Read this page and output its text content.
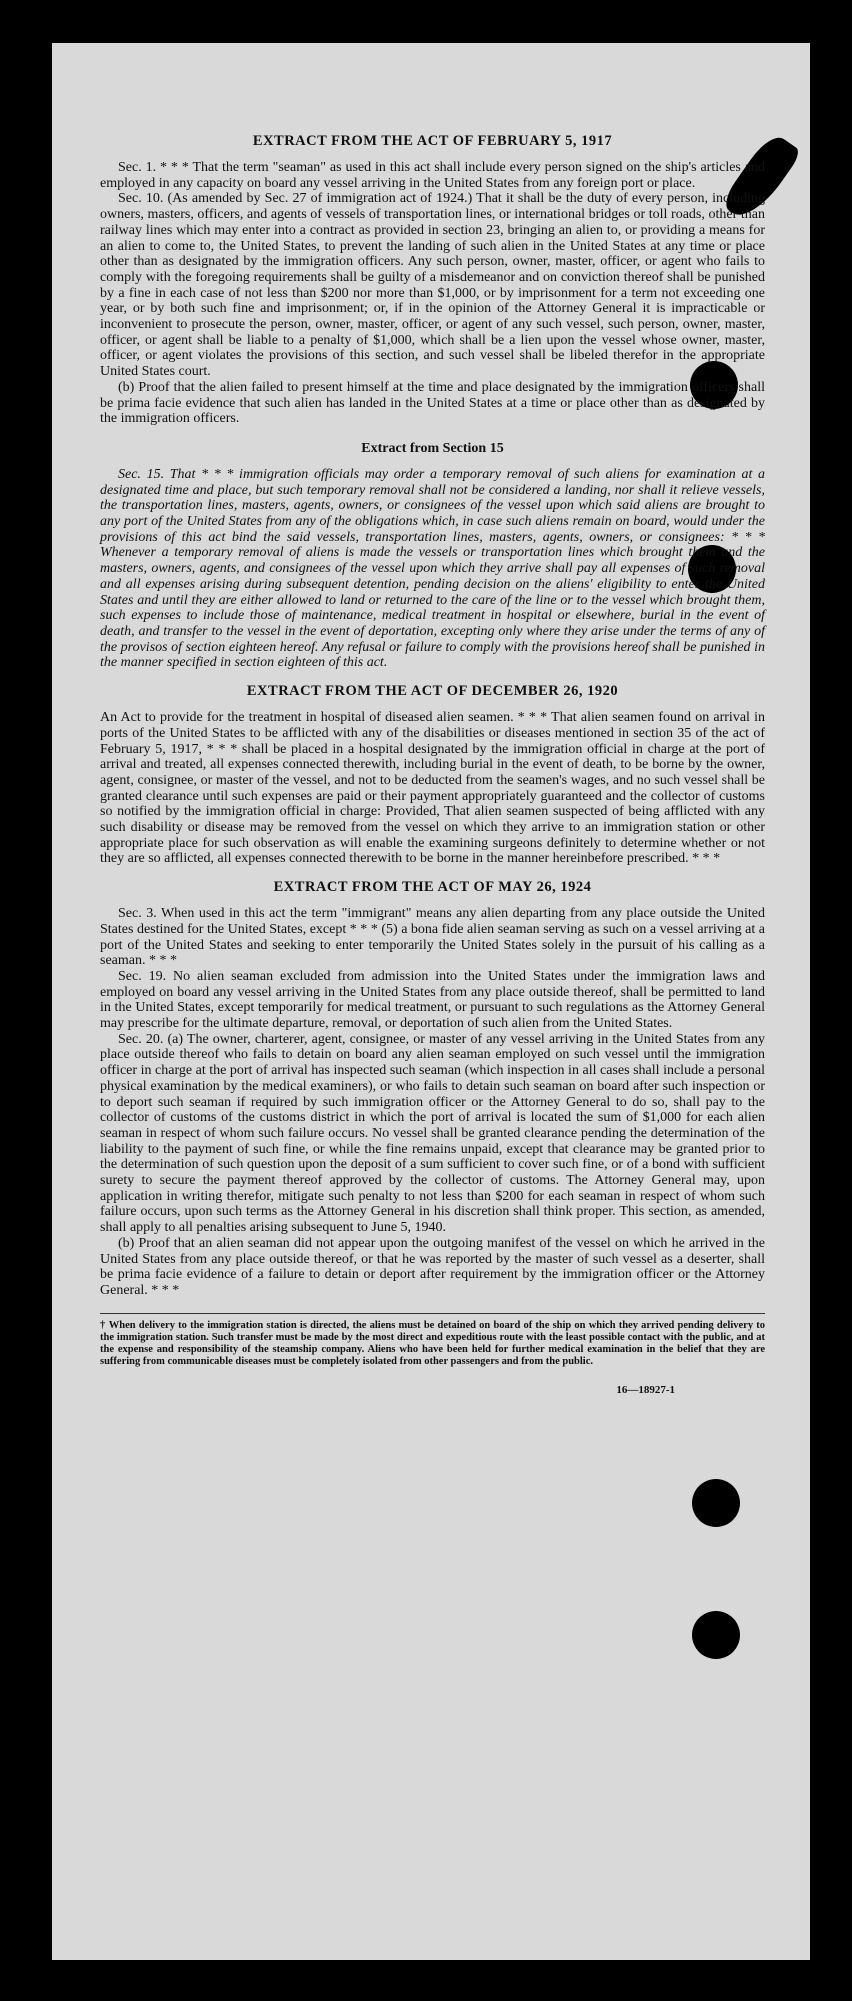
EXTRACT FROM THE ACT OF FEBRUARY 5, 1917

Sec. 1. * * * That the term "seaman" as used in this act shall include every person signed on the ship's articles and employed in any capacity on board any vessel arriving in the United States from any foreign port or place.

Sec. 10. (As amended by Sec. 27 of immigration act of 1924.) That it shall be the duty of every person, including owners, masters, officers, and agents of vessels of transportation lines, or international bridges or toll roads, other than railway lines which may enter into a contract as provided in section 23, bringing an alien to, or providing a means for an alien to come to, the United States, to prevent the landing of such alien in the United States at any time or place other than as designated by the immigration officers. Any such person, owner, master, officer, or agent who fails to comply with the foregoing requirements shall be guilty of a misdemeanor and on conviction thereof shall be punished by a fine in each case of not less than $200 nor more than $1,000, or by imprisonment for a term not exceeding one year, or by both such fine and imprisonment; or, if in the opinion of the Attorney General it is impracticable or inconvenient to prosecute the person, owner, master, officer, or agent of any such vessel, such person, owner, master, officer, or agent shall be liable to a penalty of $1,000, which shall be a lien upon the vessel whose owner, master, officer, or agent violates the provisions of this section, and such vessel shall be libeled therefor in the appropriate United States court.

(b) Proof that the alien failed to present himself at the time and place designated by the immigration officers shall be prima facie evidence that such alien has landed in the United States at a time or place other than as designated by the immigration officers.

Extract from Section 15

Sec. 15. That * * * immigration officials may order a temporary removal of such aliens for examination at a designated time and place, but such temporary removal shall not be considered a landing, nor shall it relieve vessels, the transportation lines, masters, agents, owners, or consignees of the vessel upon which said aliens are brought to any port of the United States from any of the obligations which, in case such aliens remain on board, would under the provisions of this act bind the said vessels, transportation lines, masters, agents, owners, or consignees: * * * Whenever a temporary removal of aliens is made the vessels or transportation lines which brought them and the masters, owners, agents, and consignees of the vessel upon which they arrive shall pay all expenses of such removal and all expenses arising during subsequent detention, pending decision on the aliens' eligibility to enter the United States and until they are either allowed to land or returned to the care of the line or to the vessel which brought them, such expenses to include those of maintenance, medical treatment in hospital or elsewhere, burial in the event of death, and transfer to the vessel in the event of deportation, excepting only where they arise under the terms of any of the provisos of section eighteen hereof. Any refusal or failure to comply with the provisions hereof shall be punished in the manner specified in section eighteen of this act.

EXTRACT FROM THE ACT OF DECEMBER 26, 1920

An Act to provide for the treatment in hospital of diseased alien seamen. * * * That alien seamen found on arrival in ports of the United States to be afflicted with any of the disabilities or diseases mentioned in section 35 of the act of February 5, 1917, * * * shall be placed in a hospital designated by the immigration official in charge at the port of arrival and treated, all expenses connected therewith, including burial in the event of death, to be borne by the owner, agent, consignee, or master of the vessel, and not to be deducted from the seamen's wages, and no such vessel shall be granted clearance until such expenses are paid or their payment appropriately guaranteed and the collector of customs so notified by the immigration official in charge: Provided, That alien seamen suspected of being afflicted with any such disability or disease may be removed from the vessel on which they arrive to an immigration station or other appropriate place for such observation as will enable the examining surgeons definitely to determine whether or not they are so afflicted, all expenses connected therewith to be borne in the manner hereinbefore prescribed. * * *

EXTRACT FROM THE ACT OF MAY 26, 1924

Sec. 3. When used in this act the term "immigrant" means any alien departing from any place outside the United States destined for the United States, except * * * (5) a bona fide alien seaman serving as such on a vessel arriving at a port of the United States and seeking to enter temporarily the United States solely in the pursuit of his calling as a seaman. * * *

Sec. 19. No alien seaman excluded from admission into the United States under the immigration laws and employed on board any vessel arriving in the United States from any place outside thereof, shall be permitted to land in the United States, except temporarily for medical treatment, or pursuant to such regulations as the Attorney General may prescribe for the ultimate departure, removal, or deportation of such alien from the United States.

Sec. 20. (a) The owner, charterer, agent, consignee, or master of any vessel arriving in the United States from any place outside thereof who fails to detain on board any alien seaman employed on such vessel until the immigration officer in charge at the port of arrival has inspected such seaman (which inspection in all cases shall include a personal physical examination by the medical examiners), or who fails to detain such seaman on board after such inspection or to deport such seaman if required by such immigration officer or the Attorney General to do so, shall pay to the collector of customs of the customs district in which the port of arrival is located the sum of $1,000 for each alien seaman in respect of whom such failure occurs. No vessel shall be granted clearance pending the determination of the liability to the payment of such fine, or while the fine remains unpaid, except that clearance may be granted prior to the determination of such question upon the deposit of a sum sufficient to cover such fine, or of a bond with sufficient surety to secure the payment thereof approved by the collector of customs. The Attorney General may, upon application in writing therefor, mitigate such penalty to not less than $200 for each seaman in respect of whom such failure occurs, upon such terms as the Attorney General in his discretion shall think proper. This section, as amended, shall apply to all penalties arising subsequent to June 5, 1940.

(b) Proof that an alien seaman did not appear upon the outgoing manifest of the vessel on which he arrived in the United States from any place outside thereof, or that he was reported by the master of such vessel as a deserter, shall be prima facie evidence of a failure to detain or deport after requirement by the immigration officer or the Attorney General. * * *

† When delivery to the immigration station is directed, the aliens must be detained on board of the ship on which they arrived pending delivery to the immigration station. Such transfer must be made by the most direct and expeditious route with the least possible contact with the public, and at the expense and responsibility of the steamship company. Aliens who have been held for further medical examination in the belief that they are suffering from communicable diseases must be completely isolated from other passengers and from the public.
16—18927-1
